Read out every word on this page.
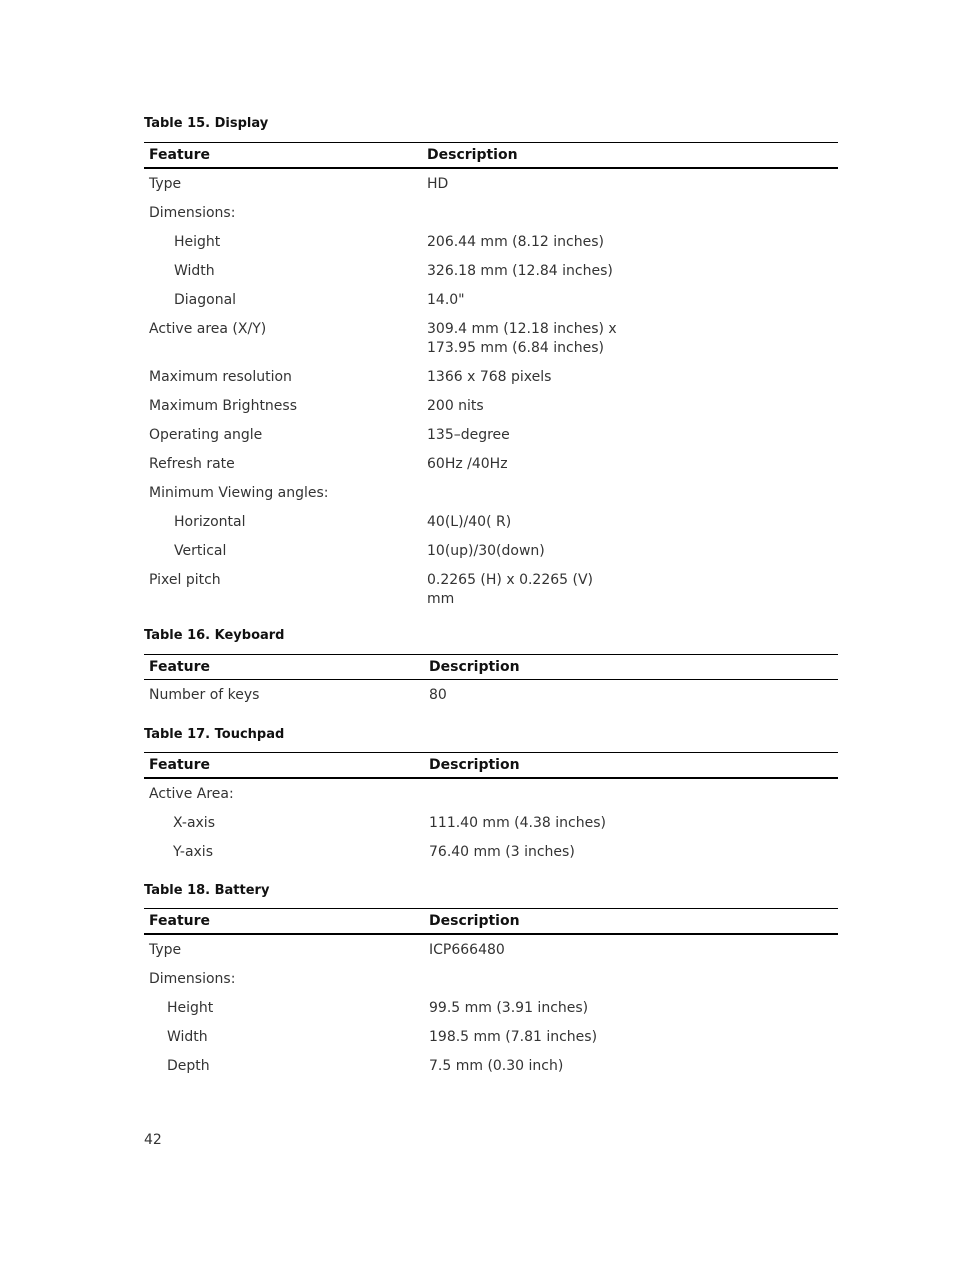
Table 15. Display
Feature	Description
Type	HD
Dimensions:	
Height	206.44 mm (8.12 inches)
Width	326.18 mm (12.84 inches)
Diagonal	14.0"
Active area (X/Y)	309.4 mm (12.18 inches) x
173.95 mm (6.84 inches)
Maximum resolution	1366 x 768 pixels
Maximum Brightness	200 nits
Operating angle	135–degree
Refresh rate	60Hz /40Hz
Minimum Viewing angles:	
Horizontal	40(L)/40( R)
Vertical	10(up)/30(down)
Pixel pitch	0.2265 (H) x 0.2265 (V)
mm
Table 16. Keyboard
Feature	Description
Number of keys	80
Table 17. Touchpad
Feature	Description
Active Area:	
X-axis	111.40 mm (4.38 inches)
Y-axis	76.40 mm (3 inches)
Table 18. Battery
Feature	Description
Type	ICP666480
Dimensions:	
Height	99.5 mm (3.91 inches)
Width	198.5 mm (7.81 inches)
Depth	7.5 mm (0.30 inch)
42
